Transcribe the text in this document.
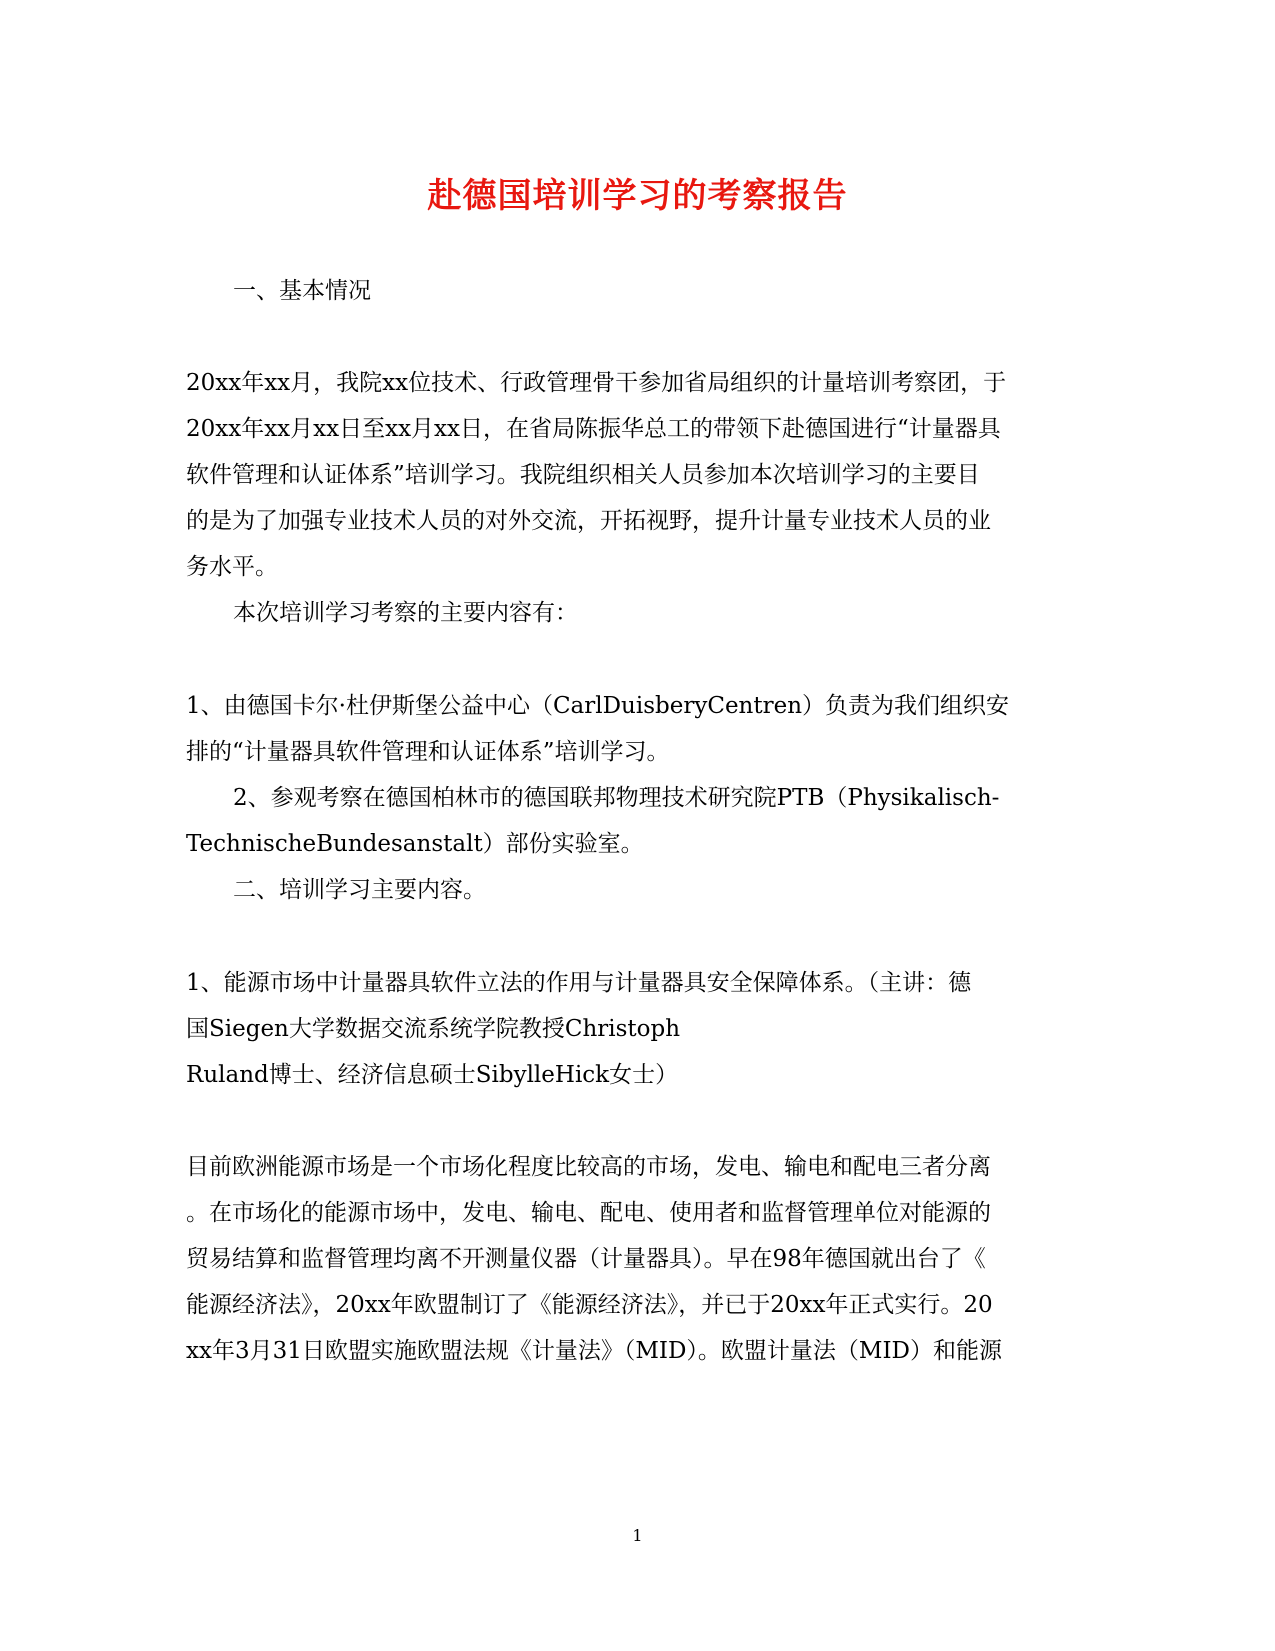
赴德国培训学习的考察报告
一、基本情况
20xx年xx月，我院xx位技术、行政管理骨干参加省局组织的计量培训考察团，于
20xx年xx月xx日至xx月xx日，在省局陈振华总工的带领下赴德国进行“计量器具
软件管理和认证体系”培训学习。我院组织相关人员参加本次培训学习的主要目
的是为了加强专业技术人员的对外交流，开拓视野，提升计量专业技术人员的业
务水平。
本次培训学习考察的主要内容有：
1、由德国卡尔·杜伊斯堡公益中心（CarlDuisberyCentren）负责为我们组织安
排的“计量器具软件管理和认证体系”培训学习。
2、参观考察在德国柏林市的德国联邦物理技术研究院PTB（Physikalisch-
TechnischeBundesanstalt）部份实验室。
二、培训学习主要内容。
1、能源市场中计量器具软件立法的作用与计量器具安全保障体系。（主讲：德
国Siegen大学数据交流系统学院教授Christoph
Ruland博士、经济信息硕士SibylleHick女士）
目前欧洲能源市场是一个市场化程度比较高的市场，发电、输电和配电三者分离
。在市场化的能源市场中，发电、输电、配电、使用者和监督管理单位对能源的
贸易结算和监督管理均离不开测量仪器（计量器具）。早在98年德国就出台了《
能源经济法》，20xx年欧盟制订了《能源经济法》，并已于20xx年正式实行。20
xx年3月31日欧盟实施欧盟法规《计量法》（MID）。欧盟计量法（MID）和能源
1
